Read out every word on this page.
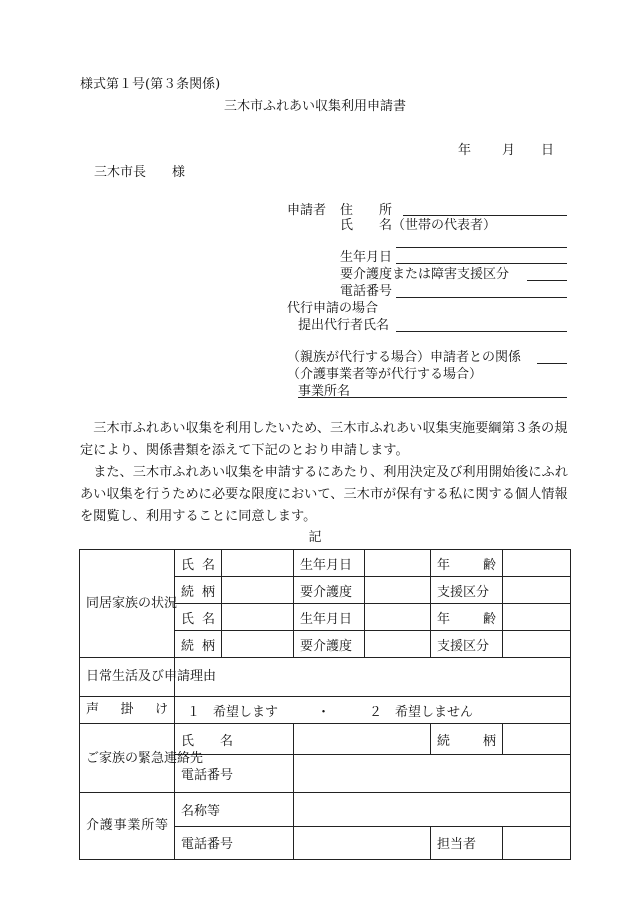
様式第１号(第３条関係)
三木市ふれあい収集利用申請書
年 月 日
三木市長　　様
申請者 住　　所
氏　　名（世帯の代表者）
生年月日
要介護度または障害支援区分
電話番号
代行申請の場合
提出代行者氏名
（親族が代行する場合）申請者との関係
（介護事業者等が代行する場合）
事業所名

三木市ふれあい収集を利用したいため、三木市ふれあい収集実施要綱第３条の規定により、関係書類を添えて下記のとおり申請します。

また、三木市ふれあい収集を申請するにあたり、利用決定及び利用開始後にふれあい収集を行うために必要な限度において、三木市が保有する私に関する個人情報を閲覧し、利用することに同意します。

記
同居家族の状況	氏名		生年月日		年　齢	
	続柄		要介護度		支援区分	
	氏名		生年月日		年　齢	
	続柄		要介護度		支援区分	
日常生活及び申請理由						
声　掛　け	１　希望します　　　・　　　２　希望しません					
ご家族の緊急連絡先	氏　　名				続　　柄	
	電話番号					
介護事業所等	名称等					
	電話番号				担当者	
